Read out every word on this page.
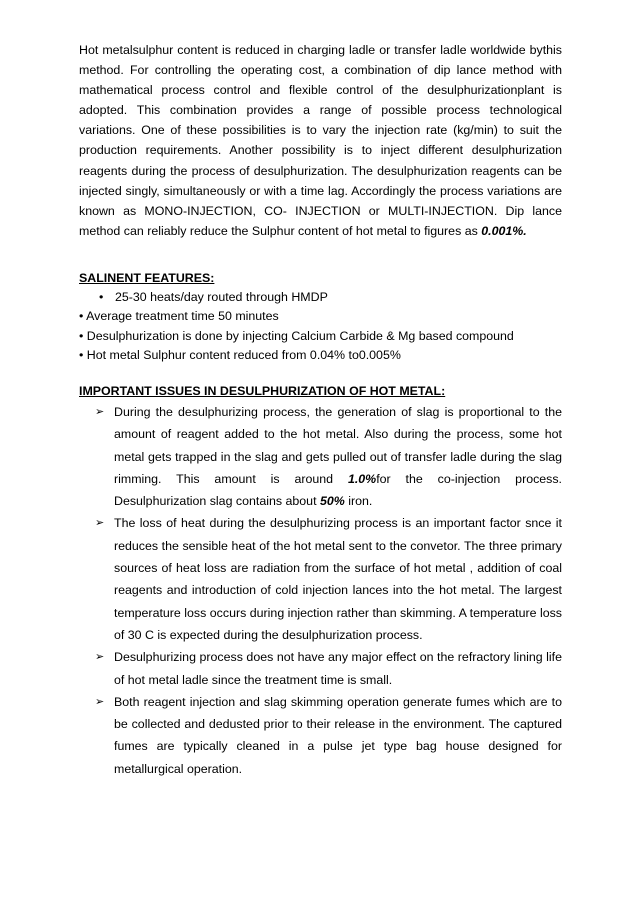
Hot metalsulphur content is reduced in charging ladle or transfer ladle worldwide bythis method. For controlling the operating cost, a combination of dip lance method with mathematical process control and flexible control of the desulphurizationplant is adopted. This combination provides a range of possible process technological variations. One of these possibilities is to vary the injection rate (kg/min) to suit the production requirements. Another possibility is to inject different desulphurization reagents during the process of desulphurization. The desulphurization reagents can be injected singly, simultaneously or with a time lag. Accordingly the process variations are known as MONO-INJECTION, CO- INJECTION or MULTI-INJECTION. Dip lance method can reliably reduce the Sulphur content of hot metal to figures as 0.001%.

SALINENT FEATURES:

• 25-30 heats/day routed through HMDP
• Average treatment time 50 minutes
• Desulphurization is done by injecting Calcium Carbide & Mg based compound
• Hot metal Sulphur content reduced from 0.04% to0.005%

IMPORTANT ISSUES IN DESULPHURIZATION OF HOT METAL:

➢ During the desulphurizing process, the generation of slag is proportional to the amount of reagent added to the hot metal. Also during the process, some hot metal gets trapped in the slag and gets pulled out of transfer ladle during the slag rimming. This amount is around 1.0%for the co-injection process. Desulphurization slag contains about 50% iron.
➢ The loss of heat during the desulphurizing process is an important factor snce it reduces the sensible heat of the hot metal sent to the convetor. The three primary sources of heat loss are radiation from the surface of hot metal , addition of coal reagents and introduction of cold injection lances into the hot metal. The largest temperature loss occurs during injection rather than skimming. A temperature loss of 30 C is expected during the desulphurization process.
➢ Desulphurizing process does not have any major effect on the refractory lining life of hot metal ladle since the treatment time is small.
➢ Both reagent injection and slag skimming operation generate fumes which are to be collected and dedusted prior to their release in the environment. The captured fumes are typically cleaned in a pulse jet type bag house designed for metallurgical operation.
